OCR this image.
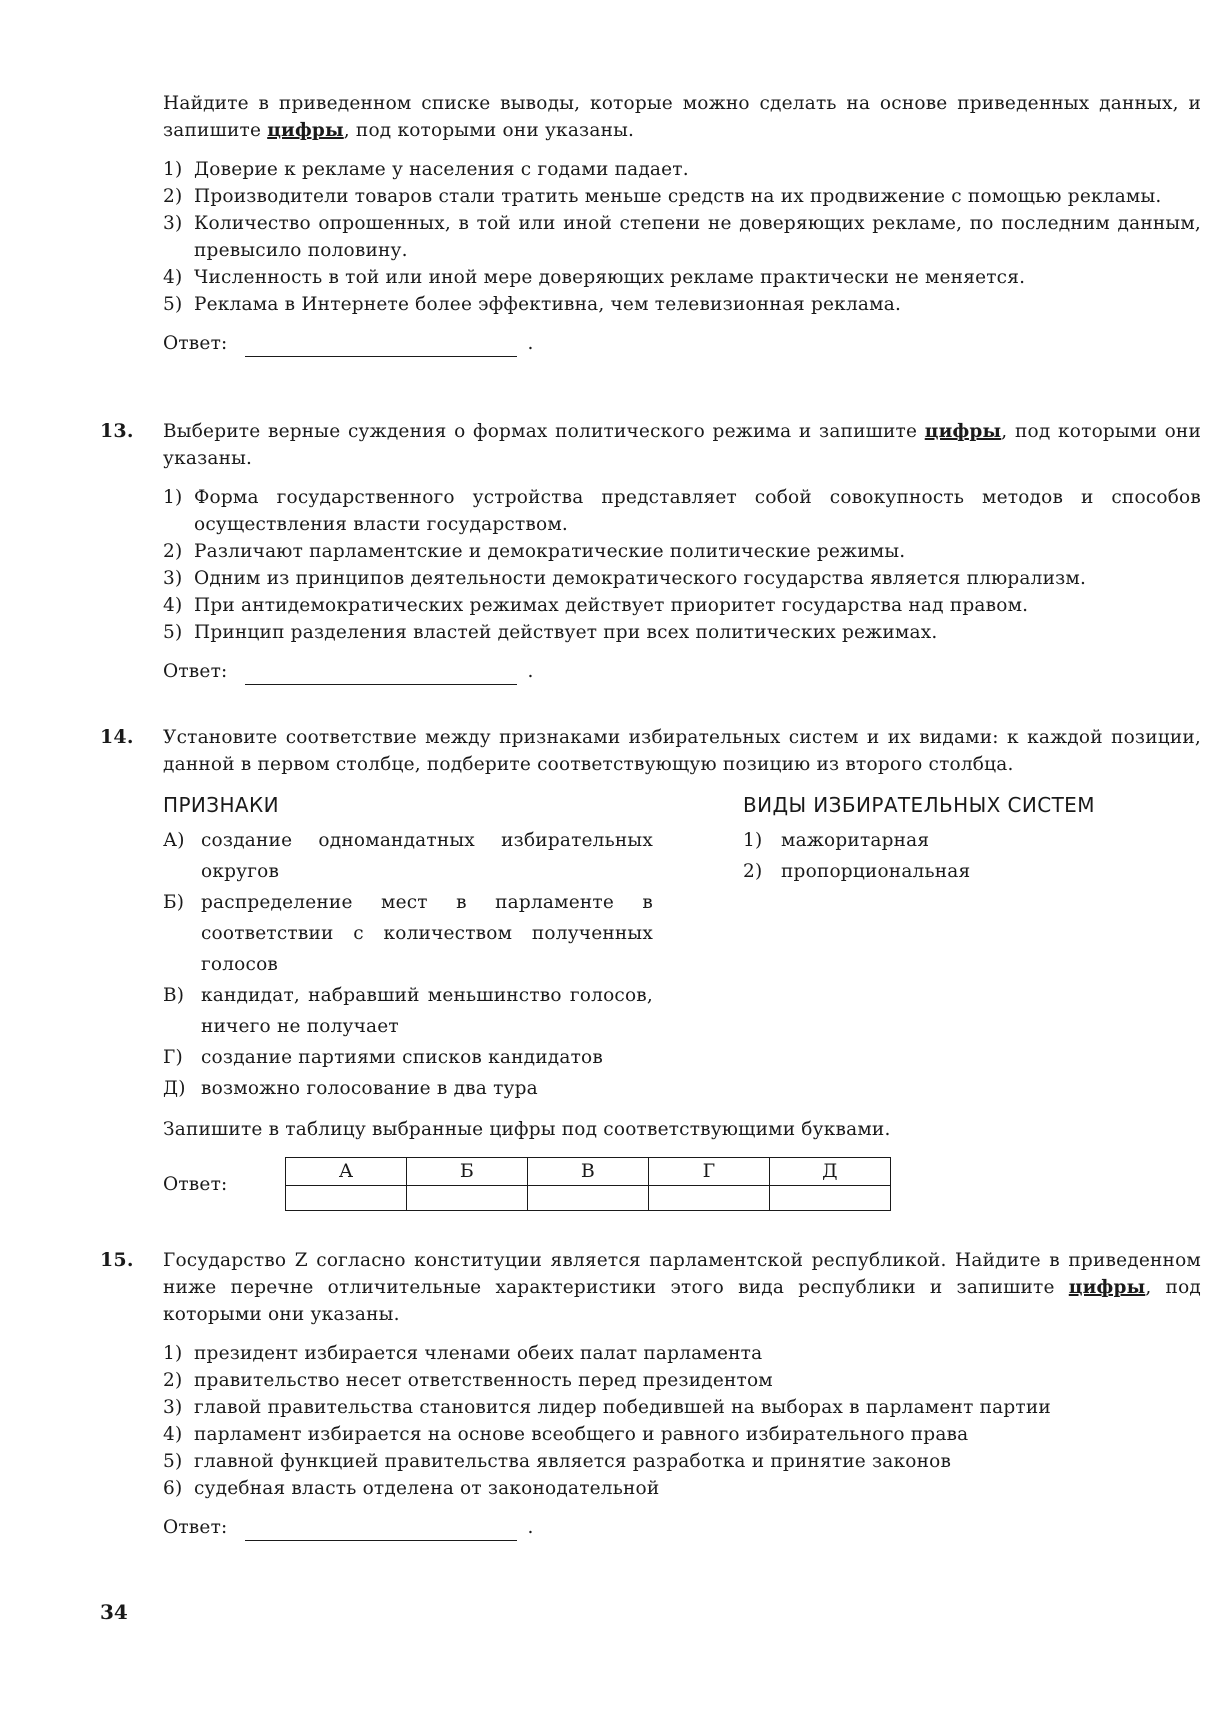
Найдите в приведенном списке выводы, которые можно сделать на основе приведенных данных, и запишите цифры, под которыми они указаны.

1) Доверие к рекламе у населения с годами падает.
2) Производители товаров стали тратить меньше средств на их продвижение с помощью рекламы.
3) Количество опрошенных, в той или иной степени не доверяющих рекламе, по последним данным, превысило половину.
4) Численность в той или иной мере доверяющих рекламе практически не меняется.
5) Реклама в Интернете более эффективна, чем телевизионная реклама.
Ответ:	.
13. Выберите верные суждения о формах политического режима и запишите цифры, под которыми они указаны.

1) Форма государственного устройства представляет собой совокупность методов и способов осуществления власти государством.
2) Различают парламентские и демократические политические режимы.
3) Одним из принципов деятельности демократического государства является плюрализм.
4) При антидемократических режимах действует приоритет государства над правом.
5) Принцип разделения властей действует при всех политических режимах.
Ответ:	.
14. Установите соответствие между признаками избирательных систем и их видами: к каждой позиции, данной в первом столбце, подберите соответствующую позицию из второго столбца.

ПРИЗНАКИ
А) создание одномандатных избирательных округов
Б) распределение мест в парламенте в соответствии с количеством полученных голосов
В) кандидат, набравший меньшинство голосов, ничего не получает
Г) создание партиями списков кандидатов
Д) возможно голосование в два тура
ВИДЫ ИЗБИРАТЕЛЬНЫХ СИСТЕМ
1) мажоритарная
2) пропорциональная

Запишите в таблицу выбранные цифры под соответствующими буквами.

Ответ:
А	Б	В	Г	Д

15. Государство Z согласно конституции является парламентской республикой. Найдите в приведенном ниже перечне отличительные характеристики этого вида республики и запишите цифры, под которыми они указаны.

1) президент избирается членами обеих палат парламента
2) правительство несет ответственность перед президентом
3) главой правительства становится лидер победившей на выборах в парламент партии
4) парламент избирается на основе всеобщего и равного избирательного права
5) главной функцией правительства является разработка и принятие законов
6) судебная власть отделена от законодательной
Ответ:	.
34
